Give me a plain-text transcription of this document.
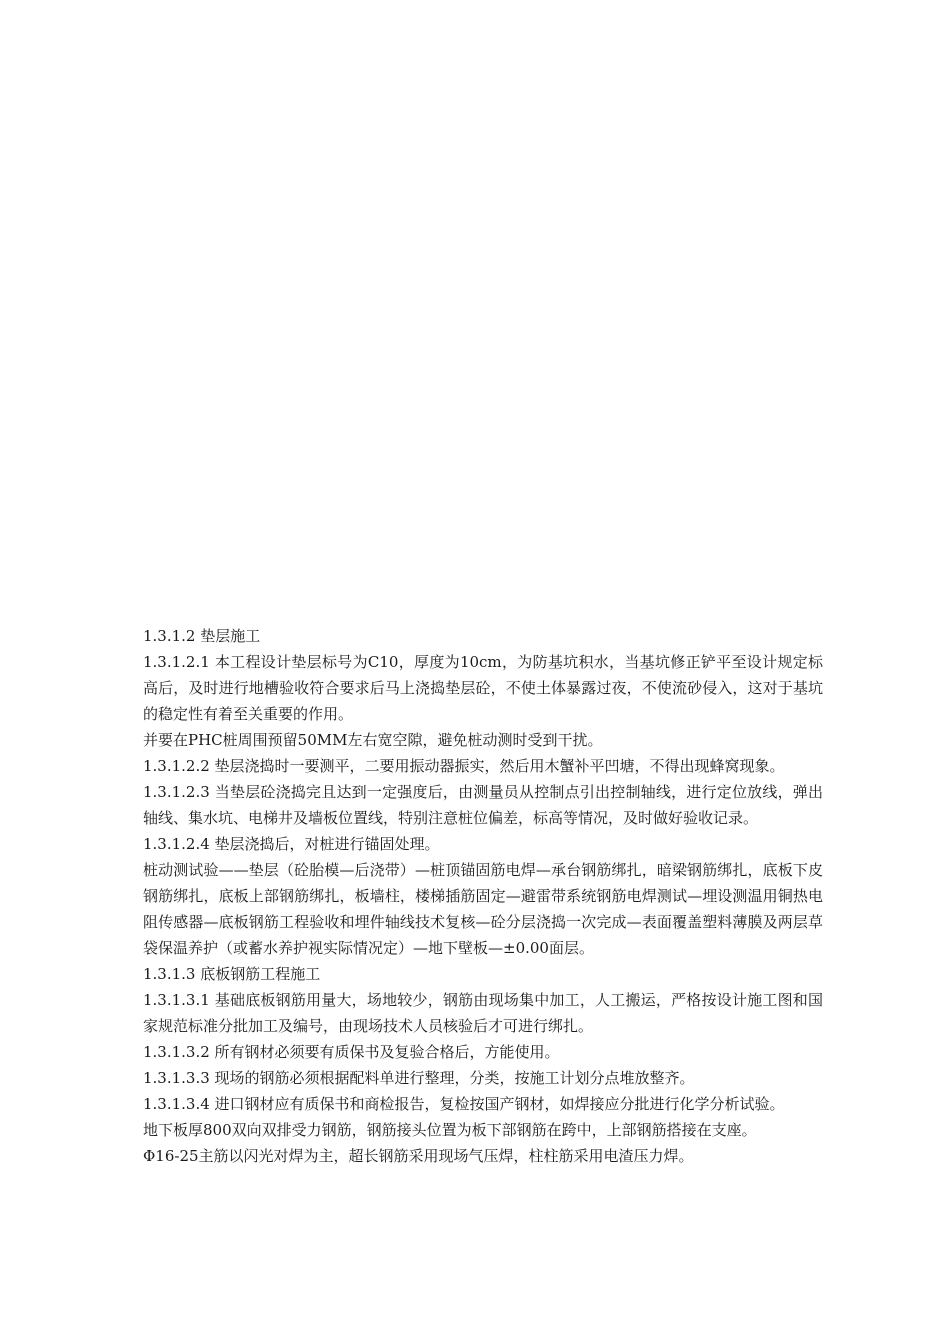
1.3.1.2 垫层施工

1.3.1.2.1 本工程设计垫层标号为C10，厚度为10cm，为防基坑积水，当基坑修正铲平至设计规定标高后，及时进行地槽验收符合要求后马上浇捣垫层砼，不使土体暴露过夜，不使流砂侵入，这对于基坑的稳定性有着至关重要的作用。

并要在PHC桩周围预留50MM左右宽空隙，避免桩动测时受到干扰。

1.3.1.2.2 垫层浇捣时一要测平，二要用振动器振实，然后用木蟹补平凹塘，不得出现蜂窝现象。

1.3.1.2.3 当垫层砼浇捣完且达到一定强度后，由测量员从控制点引出控制轴线，进行定位放线，弹出轴线、集水坑、电梯井及墙板位置线，特别注意桩位偏差，标高等情况，及时做好验收记录。

1.3.1.2.4 垫层浇捣后，对桩进行锚固处理。

桩动测试验——垫层（砼胎模—后浇带）—桩顶锚固筋电焊—承台钢筋绑扎，暗梁钢筋绑扎，底板下皮钢筋绑扎，底板上部钢筋绑扎，板墙柱，楼梯插筋固定—避雷带系统钢筋电焊测试—埋设测温用铜热电阻传感器—底板钢筋工程验收和埋件轴线技术复核—砼分层浇捣一次完成—表面覆盖塑料薄膜及两层草袋保温养护（或蓄水养护视实际情况定）—地下壁板—±0.00面层。

1.3.1.3 底板钢筋工程施工

1.3.1.3.1 基础底板钢筋用量大，场地较少，钢筋由现场集中加工，人工搬运，严格按设计施工图和国家规范标准分批加工及编号，由现场技术人员核验后才可进行绑扎。

1.3.1.3.2 所有钢材必须要有质保书及复验合格后，方能使用。

1.3.1.3.3 现场的钢筋必须根据配料单进行整理，分类，按施工计划分点堆放整齐。

1.3.1.3.4 进口钢材应有质保书和商检报告，复检按国产钢材，如焊接应分批进行化学分析试验。

地下板厚800双向双排受力钢筋，钢筋接头位置为板下部钢筋在跨中，上部钢筋搭接在支座。

Φ16-25主筋以闪光对焊为主，超长钢筋采用现场气压焊，柱柱筋采用电渣压力焊。
